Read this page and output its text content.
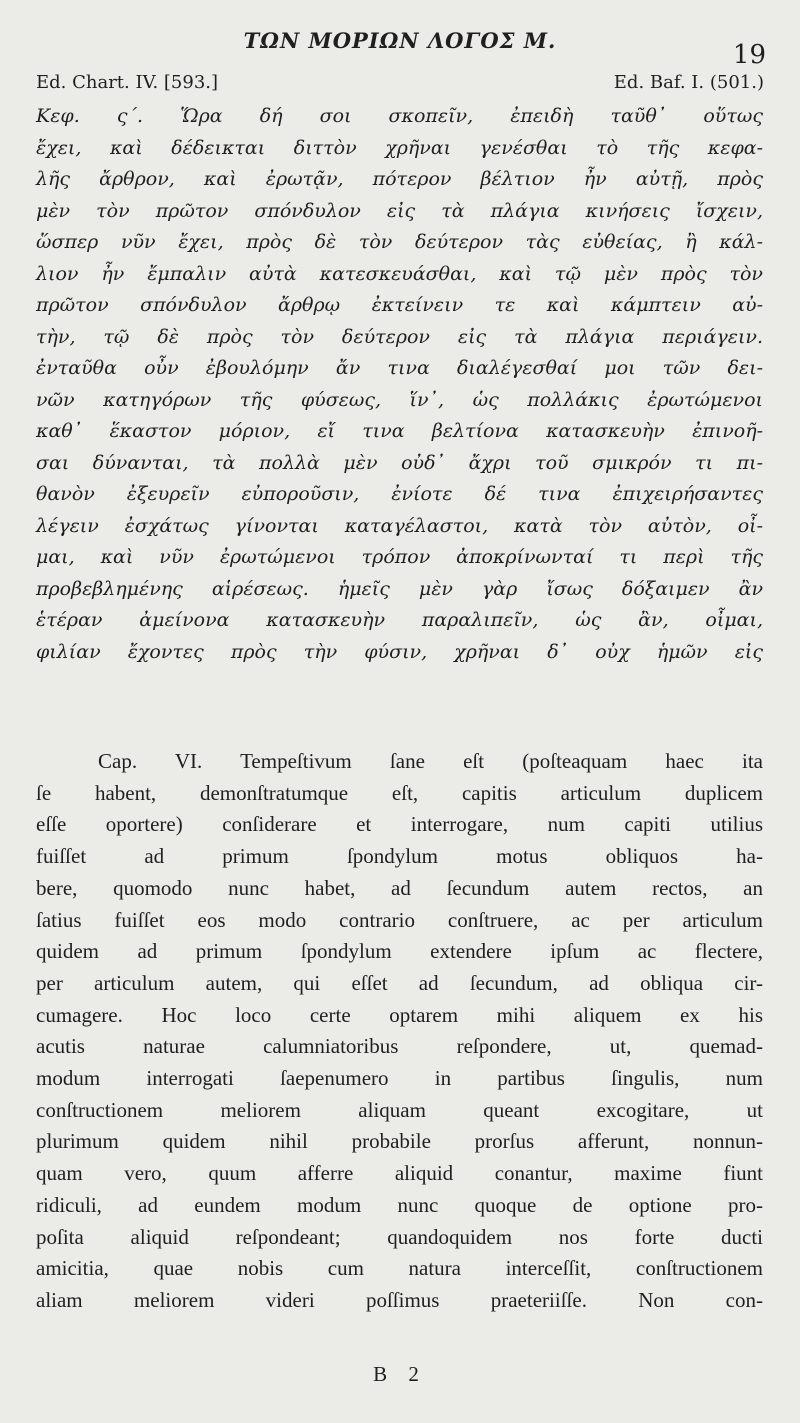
ΤΩΝ ΜΟΡΙΩΝ ΛΟΓΟΣ Μ.	19
Ed. Chart. IV. [593.]	Ed. Baf. I. (501.)
Κεφ. ς΄. Ὥρα δή σοι σκοπεῖν, ἐπειδὴ ταῦθ᾽ οὕτως
ἔχει, καὶ δέδεικται διττὸν χρῆναι γενέσθαι τὸ τῆς κεφα-
λῆς ἄρθρον, καὶ ἐρωτᾷν, πότερον βέλτιον ἦν αὐτῇ, πρὸς
μὲν τὸν πρῶτον σπόνδυλον εἰς τὰ πλάγια κινήσεις ἴσχειν,
ὥσπερ νῦν ἔχει, πρὸς δὲ τὸν δεύτερον τὰς εὐθείας, ἢ κάλ-
λιον ἦν ἔμπαλιν αὐτὰ κατεσκευάσθαι, καὶ τῷ μὲν πρὸς τὸν
πρῶτον σπόνδυλον ἄρθρῳ ἐκτείνειν τε καὶ κάμπτειν αὐ-
τὴν, τῷ δὲ πρὸς τὸν δεύτερον εἰς τὰ πλάγια περιάγειν.
ἐνταῦθα οὖν ἐβουλόμην ἄν τινα διαλέγεσθαί μοι τῶν δει-
νῶν κατηγόρων τῆς φύσεως, ἵν᾽, ὡς πολλάκις ἐρωτώμενοι
καθ᾽ ἕκαστον μόριον, εἴ τινα βελτίονα κατασκευὴν ἐπινοῆ-
σαι δύνανται, τὰ πολλὰ μὲν οὐδ᾽ ἄχρι τοῦ σμικρόν τι πι-
θανὸν ἐξευρεῖν εὐποροῦσιν, ἐνίοτε δέ τινα ἐπιχειρήσαντες
λέγειν ἐσχάτως γίνονται καταγέλαστοι, κατὰ τὸν αὐτὸν, οἶ-
μαι, καὶ νῦν ἐρωτώμενοι τρόπον ἀποκρίνωνταί τι περὶ τῆς
προβεβλημένης αἱρέσεως. ἡμεῖς μὲν γὰρ ἴσως δόξαιμεν ἂν
ἑτέραν ἀμείνονα κατασκευὴν παραλιπεῖν, ὡς ἂν, οἶμαι,
φιλίαν ἔχοντες πρὸς τὴν φύσιν, χρῆναι δ᾽ οὐχ ἡμῶν εἰς
Cap. VI. Tempeſtivum ſane eſt (poſteaquam haec ita
ſe habent, demonſtratumque eſt, capitis articulum duplicem
eſſe oportere) conſiderare et interrogare, num capiti utilius
fuiſſet ad primum ſpondylum motus obliquos ha-
bere, quomodo nunc habet, ad ſecundum autem rectos, an
ſatius fuiſſet eos modo contrario conſtruere, ac per articulum
quidem ad primum ſpondylum extendere ipſum ac flectere,
per articulum autem, qui eſſet ad ſecundum, ad obliqua cir-
cumagere. Hoc loco certe optarem mihi aliquem ex his
acutis naturae calumniatoribus reſpondere, ut, quemad-
modum interrogati ſaepenumero in partibus ſingulis, num
conſtructionem meliorem aliquam queant excogitare, ut
plurimum quidem nihil probabile prorſus afferunt, nonnun-
quam vero, quum afferre aliquid conantur, maxime fiunt
ridiculi, ad eundem modum nunc quoque de optione pro-
poſita aliquid reſpondeant; quandoquidem nos forte ducti
amicitia, quae nobis cum natura interceſſit, conſtructionem
aliam meliorem videri poſſimus praeteriiſſe. Non con-
B 2
